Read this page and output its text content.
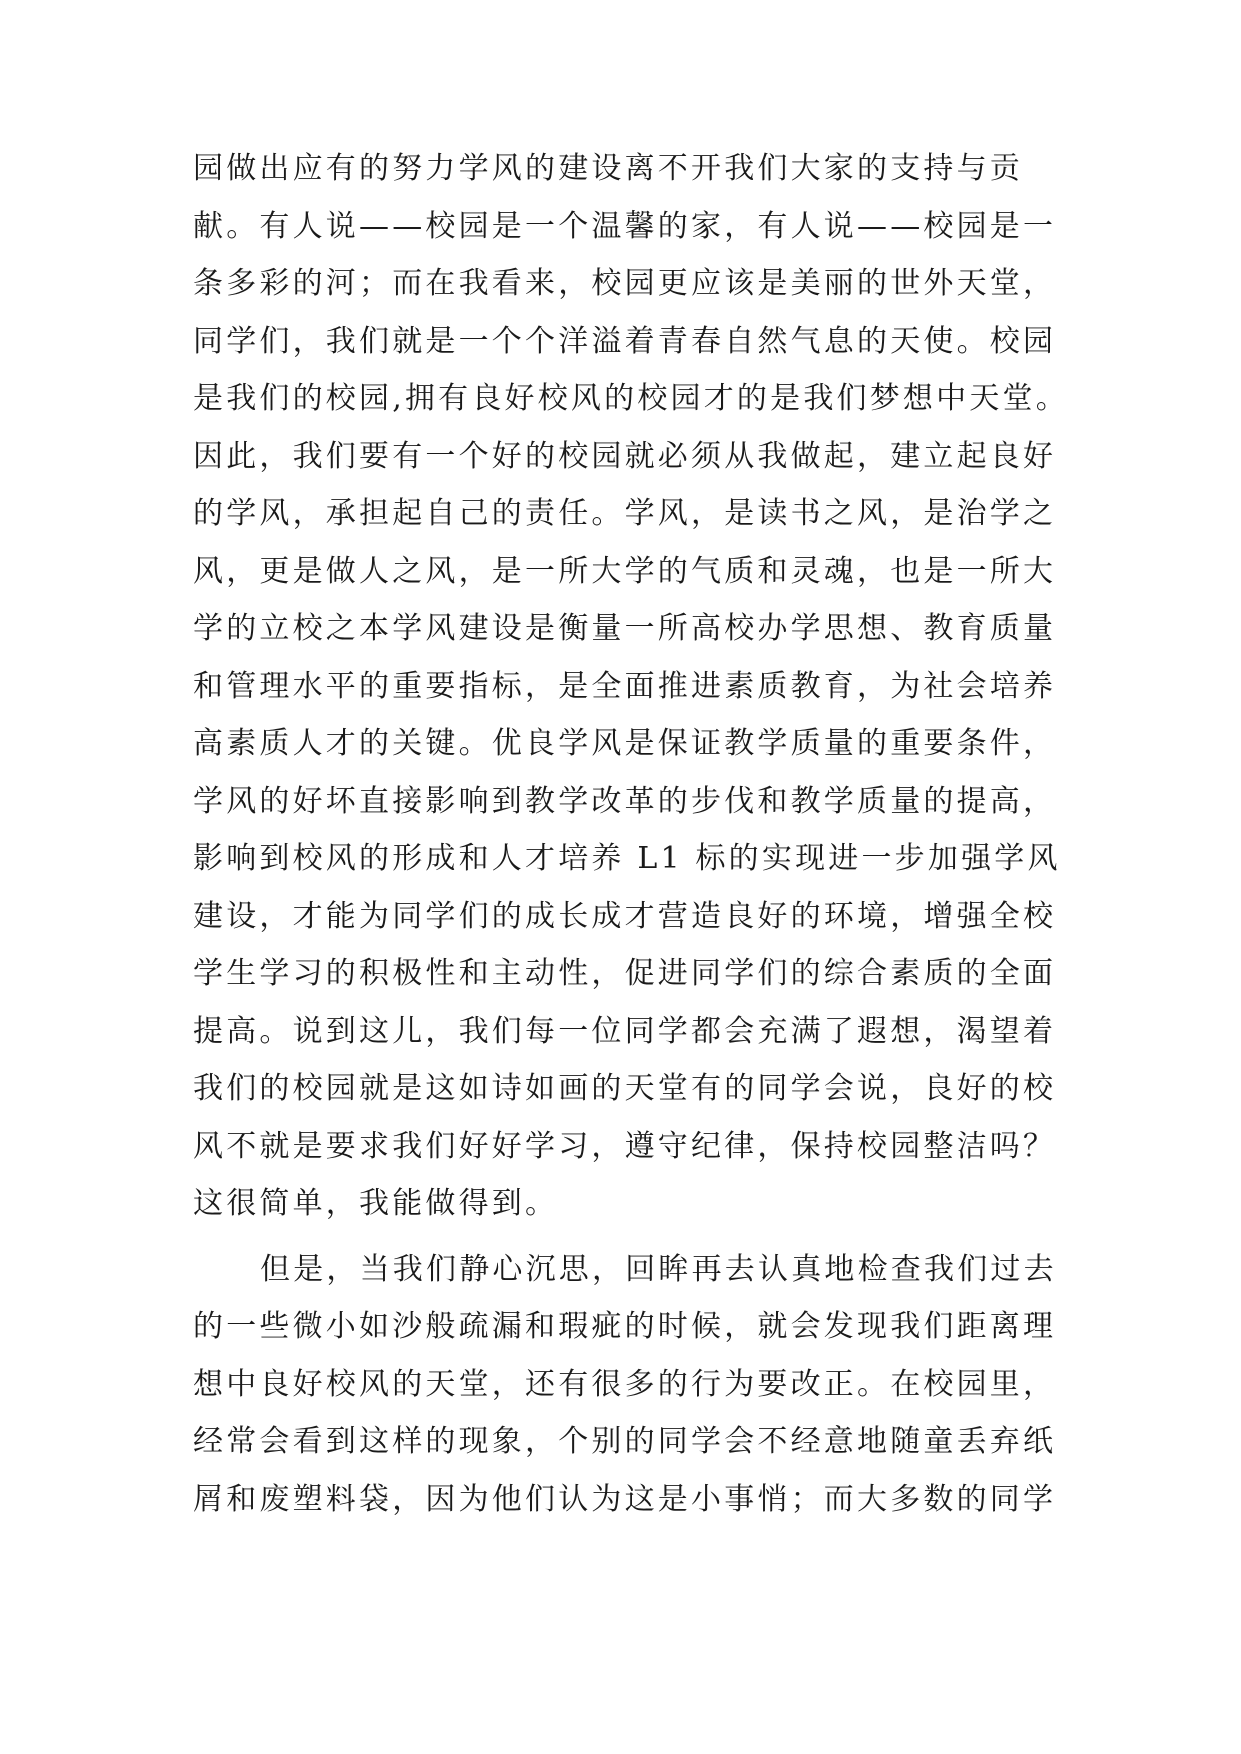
园做出应有的努力学风的建设离不开我们大家的支持与贡
献。有人说——校园是一个温馨的家，有人说——校园是一
条多彩的河；而在我看来，校园更应该是美丽的世外天堂，
同学们，我们就是一个个洋溢着青春自然气息的天使。校园
是我们的校园,拥有良好校风的校园才的是我们梦想中天堂。
因此，我们要有一个好的校园就必须从我做起，建立起良好
的学风，承担起自己的责任。学风，是读书之风，是治学之
风，更是做人之风，是一所大学的气质和灵魂，也是一所大
学的立校之本学风建设是衡量一所高校办学思想、教育质量
和管理水平的重要指标，是全面推进素质教育，为社会培养
高素质人才的关键。优良学风是保证教学质量的重要条件，
学风的好坏直接影响到教学改革的步伐和教学质量的提高，
影响到校风的形成和人才培养 L1 标的实现进一步加强学风
建设，才能为同学们的成长成才营造良好的环境，增强全校
学生学习的积极性和主动性，促进同学们的综合素质的全面
提高。说到这儿，我们每一位同学都会充满了遐想，渴望着
我们的校园就是这如诗如画的天堂有的同学会说，良好的校
风不就是要求我们好好学习，遵守纪律，保持校园整洁吗？
这很简单，我能做得到。
但是，当我们静心沉思，回眸再去认真地检查我们过去
的一些微小如沙般疏漏和瑕疵的时候，就会发现我们距离理
想中良好校风的天堂，还有很多的行为要改正。在校园里，
经常会看到这样的现象，个别的同学会不经意地随童丢弃纸
屑和废塑料袋，因为他们认为这是小事悄；而大多数的同学
